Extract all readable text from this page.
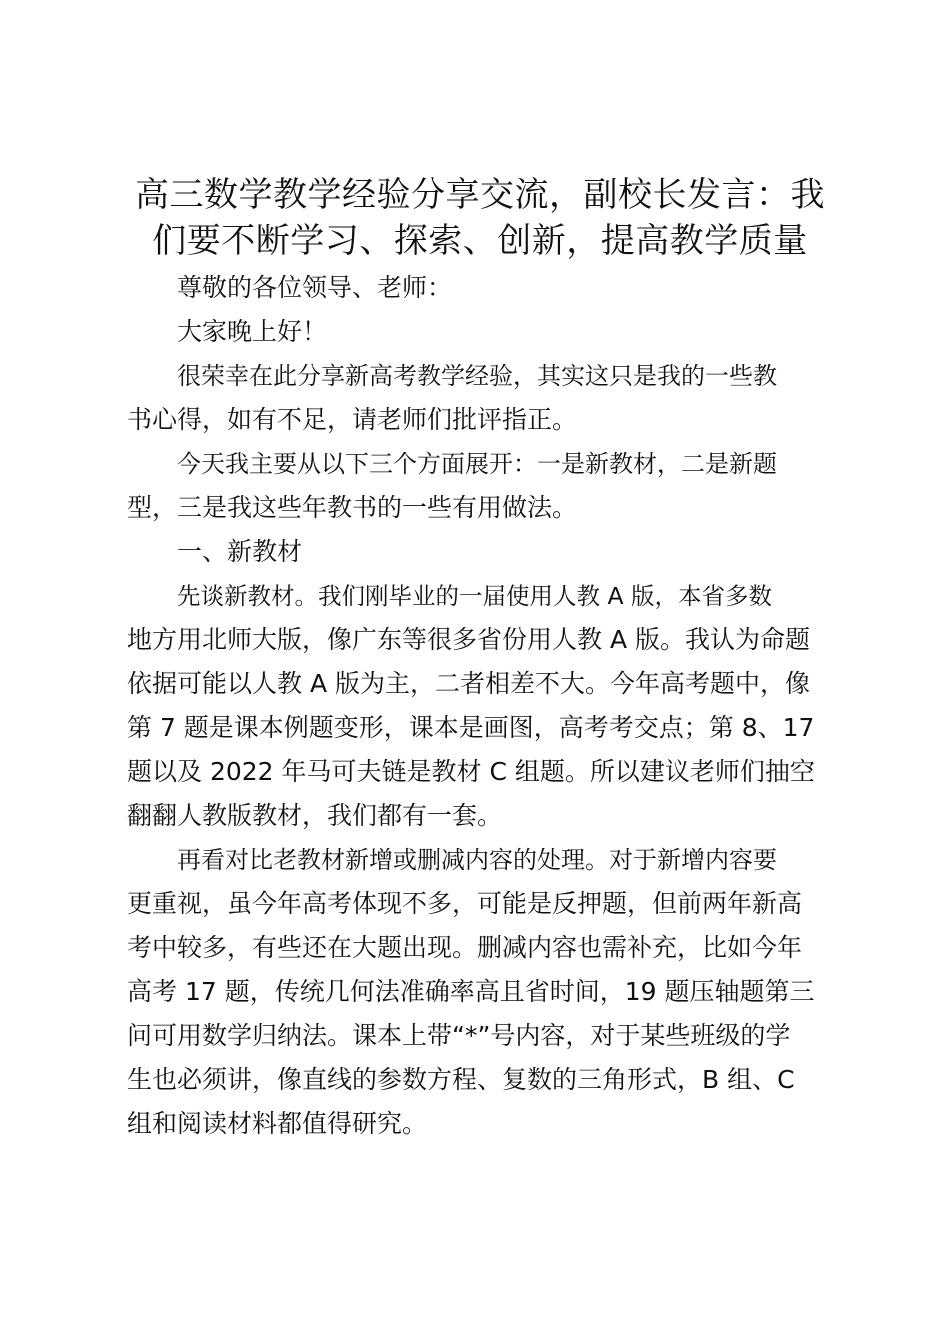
高三数学教学经验分享交流，副校长发言：我
们要不断学习、探索、创新，提高教学质量

尊敬的各位领导、老师：

大家晚上好！

很荣幸在此分享新高考教学经验，其实这只是我的一些教
书心得，如有不足，请老师们批评指正。

今天我主要从以下三个方面展开：一是新教材，二是新题
型，三是我这些年教书的一些有用做法。

一、新教材

先谈新教材。我们刚毕业的一届使用人教 A 版，本省多数
地方用北师大版，像广东等很多省份用人教 A 版。我认为命题
依据可能以人教 A 版为主，二者相差不大。今年高考题中，像
第 7 题是课本例题变形，课本是画图，高考考交点；第 8、17
题以及 2022 年马可夫链是教材 C 组题。所以建议老师们抽空
翻翻人教版教材，我们都有一套。

再看对比老教材新增或删减内容的处理。对于新增内容要
更重视，虽今年高考体现不多，可能是反押题，但前两年新高
考中较多，有些还在大题出现。删减内容也需补充，比如今年
高考 17 题，传统几何法准确率高且省时间，19 题压轴题第三
问可用数学归纳法。课本上带“*”号内容，对于某些班级的学
生也必须讲，像直线的参数方程、复数的三角形式，B 组、C
组和阅读材料都值得研究。
